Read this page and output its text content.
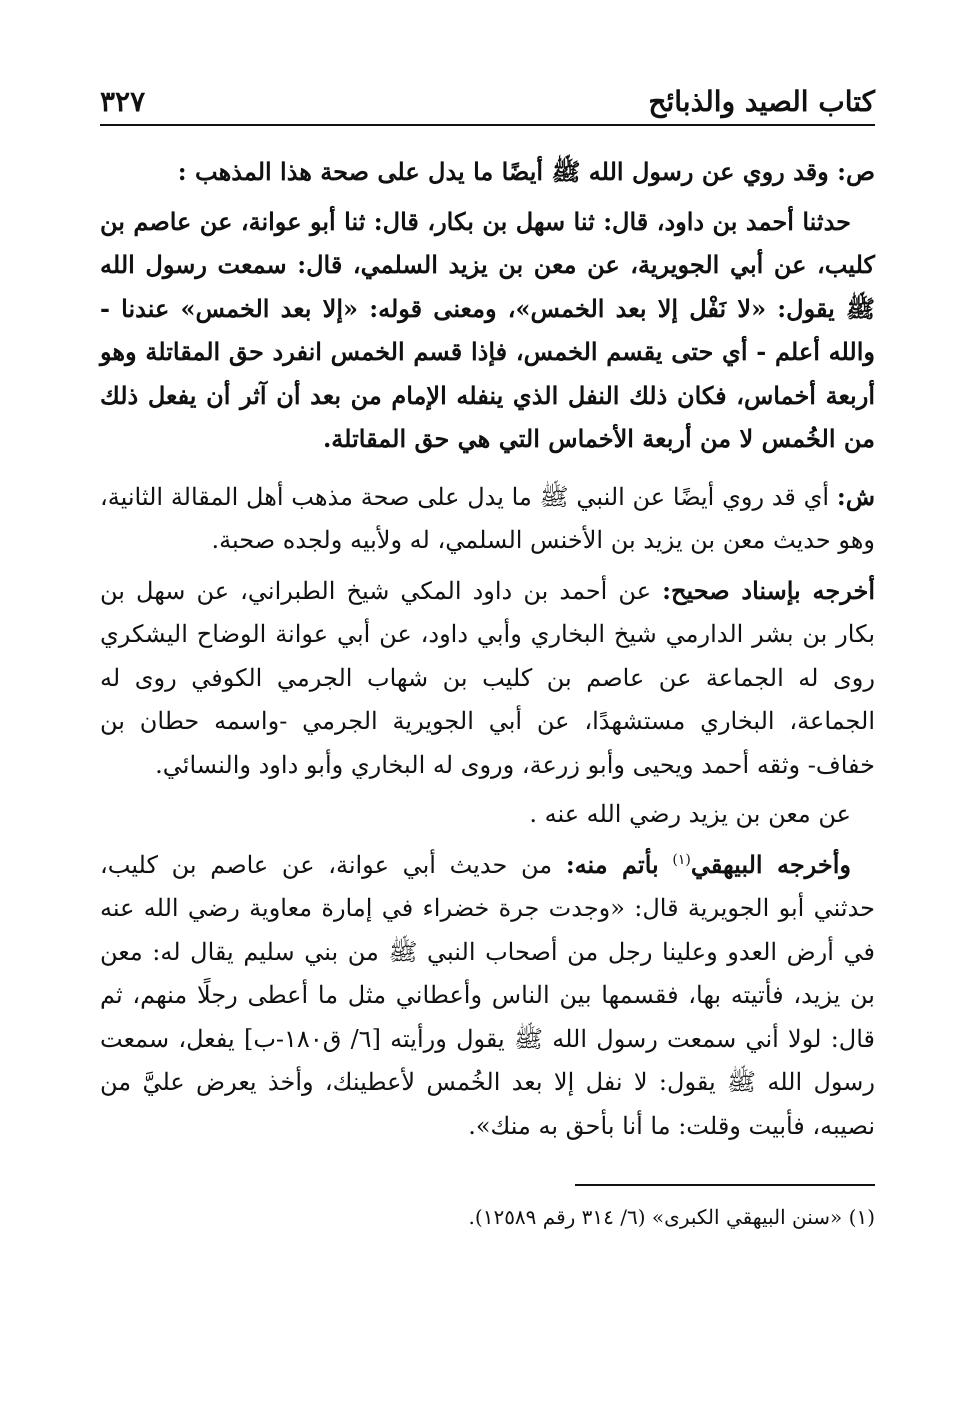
كتاب الصيد والذبائح
٣٢٧

ص: وقد روي عن رسول الله ﷺ أيضًا ما يدل على صحة هذا المذهب :

حدثنا أحمد بن داود، قال: ثنا سهل بن بكار، قال: ثنا أبو عوانة، عن عاصم بن كليب، عن أبي الجويرية، عن معن بن يزيد السلمي، قال: سمعت رسول الله ﷺ يقول: «لا نَفْل إلا بعد الخمس»، ومعنى قوله: «إلا بعد الخمس» عندنا - والله أعلم - أي حتى يقسم الخمس، فإذا قسم الخمس انفرد حق المقاتلة وهو أربعة أخماس، فكان ذلك النفل الذي ينفله الإمام من بعد أن آثر أن يفعل ذلك من الخُمس لا من أربعة الأخماس التي هي حق المقاتلة.

ش: أي قد روي أيضًا عن النبي ﷺ ما يدل على صحة مذهب أهل المقالة الثانية، وهو حديث معن بن يزيد بن الأخنس السلمي، له ولأبيه ولجده صحبة.

أخرجه بإسناد صحيح: عن أحمد بن داود المكي شيخ الطبراني، عن سهل بن بكار بن بشر الدارمي شيخ البخاري وأبي داود، عن أبي عوانة الوضاح اليشكري روى له الجماعة عن عاصم بن كليب بن شهاب الجرمي الكوفي روى له الجماعة، البخاري مستشهدًا، عن أبي الجويرية الجرمي -واسمه حطان بن خفاف- وثقه أحمد ويحيى وأبو زرعة، وروى له البخاري وأبو داود والنسائي.

عن معن بن يزيد رضي الله عنه .

وأخرجه البيهقي$^{(١)}$ بأتم منه: من حديث أبي عوانة، عن عاصم بن كليب، حدثني أبو الجويرية قال: «وجدت جرة خضراء في إمارة معاوية رضي الله عنه في أرض العدو وعلينا رجل من أصحاب النبي ﷺ من بني سليم يقال له: معن بن يزيد، فأتيته بها، فقسمها بين الناس وأعطاني مثل ما أعطى رجلًا منهم، ثم قال: لولا أني سمعت رسول الله ﷺ يقول ورأيته [٦/ ق١٨٠-ب] يفعل، سمعت رسول الله ﷺ يقول: لا نفل إلا بعد الخُمس لأعطينك، وأخذ يعرض عليَّ من نصيبه، فأبيت وقلت: ما أنا بأحق به منك».

(١) «سنن البيهقي الكبرى» (٦/ ٣١٤ رقم ١٢٥٨٩).
